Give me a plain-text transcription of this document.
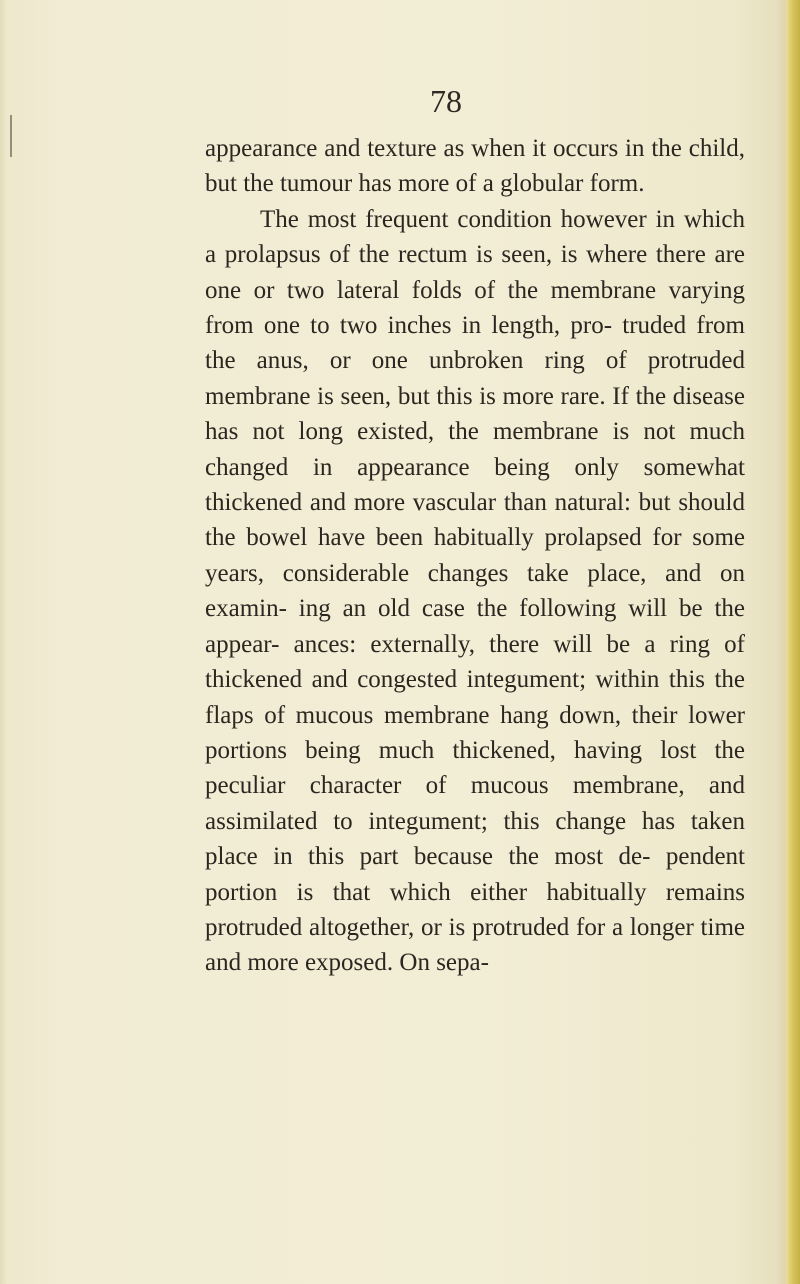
78

appearance and texture as when it occurs in the child, but the tumour has more of a globular form.

The most frequent condition however in which a prolapsus of the rectum is seen, is where there are one or two lateral folds of the membrane varying from one to two inches in length, pro- truded from the anus, or one unbroken ring of protruded membrane is seen, but this is more rare. If the disease has not long existed, the membrane is not much changed in appearance being only somewhat thickened and more vascular than natural: but should the bowel have been habitually prolapsed for some years, considerable changes take place, and on examin- ing an old case the following will be the appear- ances: externally, there will be a ring of thickened and congested integument; within this the flaps of mucous membrane hang down, their lower portions being much thickened, having lost the peculiar character of mucous membrane, and assimilated to integument; this change has taken place in this part because the most de- pendent portion is that which either habitually remains protruded altogether, or is protruded for a longer time and more exposed. On sepa-
